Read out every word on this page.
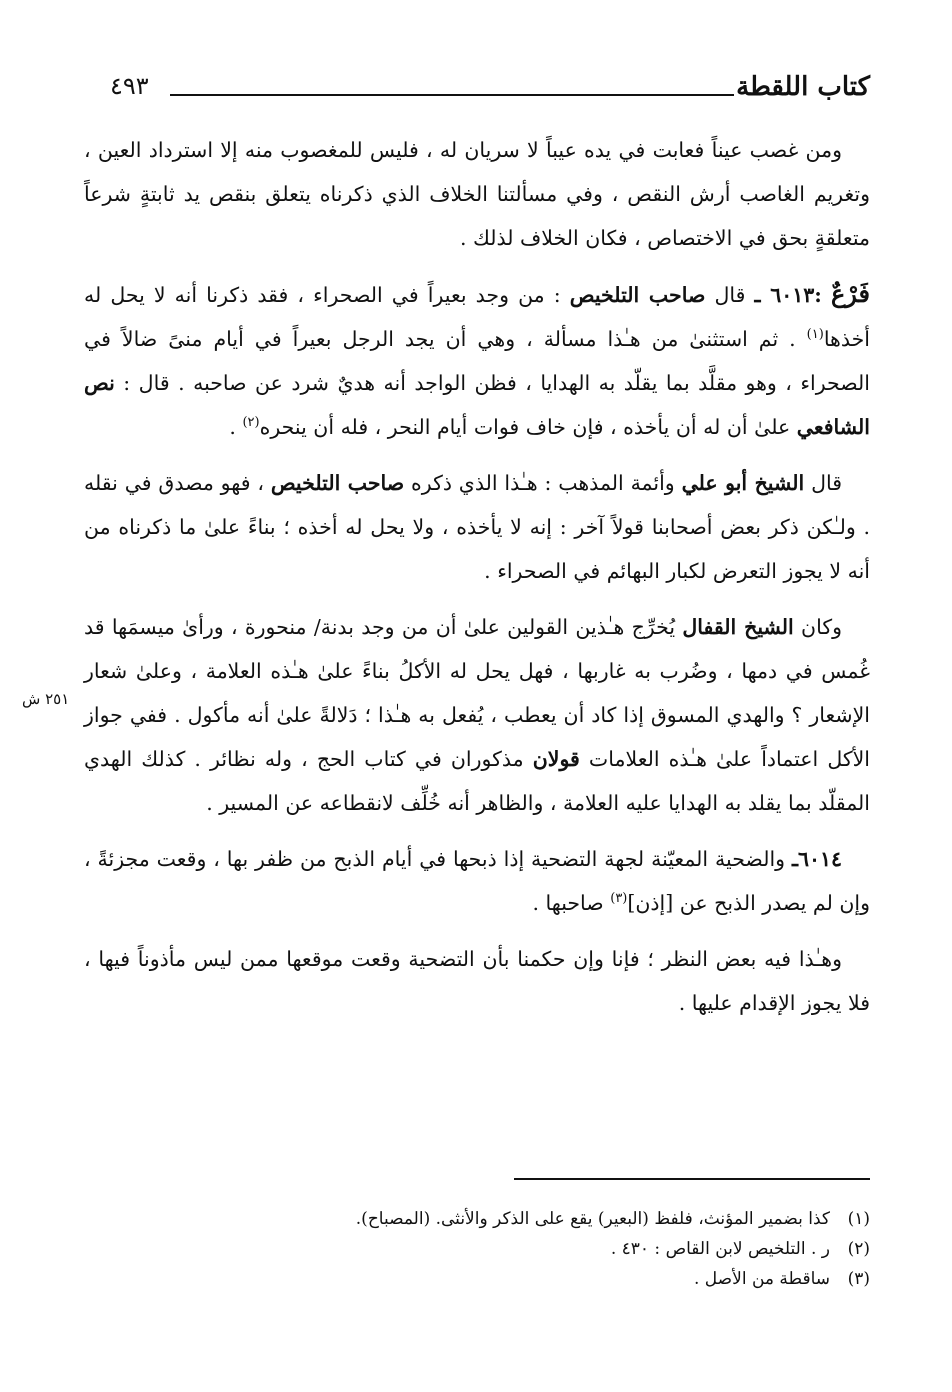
كتاب اللقطة
٤٩٣
٢٥١ ش

ومن غصب عيناً فعابت في يده عيباً لا سريان له ، فليس للمغصوب منه إلا استرداد العين ، وتغريم الغاصب أرش النقص ، وفي مسألتنا الخلاف الذي ذكرناه يتعلق بنقص يد ثابتةٍ شرعاً متعلقةٍ بحق في الاختصاص ، فكان الخلاف لذلك .

فَرْعٌ :٦٠١٣ ـ قال صاحب التلخيص : من وجد بعيراً في الصحراء ، فقد ذكرنا أنه لا يحل له أخذها$^{(١)}$ . ثم استثنىٰ من هـٰذا مسألة ، وهي أن يجد الرجل بعيراً في أيام منىً ضالاً في الصحراء ، وهو مقلَّد بما يقلّد به الهدايا ، فظن الواجد أنه هديٌ شرد عن صاحبه . قال : نص الشافعي علىٰ أن له أن يأخذه ، فإن خاف فوات أيام النحر ، فله أن ينحره$^{(٢)}$ .

قال الشيخ أبو علي وأئمة المذهب : هـٰذا الذي ذكره صاحب التلخيص ، فهو مصدق في نقله . ولـٰكن ذكر بعض أصحابنا قولاً آخر : إنه لا يأخذه ، ولا يحل له أخذه ؛ بناءً علىٰ ما ذكرناه من أنه لا يجوز التعرض لكبار البهائم في الصحراء .

وكان الشيخ القفال يُخرِّج هـٰذين القولين علىٰ أن من وجد بدنة/ منحورة ، ورأىٰ ميسمَها قد غُمس في دمها ، وضُرب به غاربها ، فهل يحل له الأكلُ بناءً علىٰ هـٰذه العلامة ، وعلىٰ شعار الإشعار ؟ والهدي المسوق إذا كاد أن يعطب ، يُفعل به هـٰذا ؛ دَلالةً علىٰ أنه مأكول . ففي جواز الأكل اعتماداً علىٰ هـٰذه العلامات قولان مذكوران في كتاب الحج ، وله نظائر . كذلك الهدي المقلّد بما يقلد به الهدايا عليه العلامة ، والظاهر أنه خُلِّف لانقطاعه عن المسير .

٦٠١٤ـ والضحية المعيّنة لجهة التضحية إذا ذبحها في أيام الذبح من ظفر بها ، وقعت مجزئةً ، وإن لم يصدر الذبح عن [إذن]$^{(٣)}$ صاحبها .

وهـٰذا فيه بعض النظر ؛ فإنا وإن حكمنا بأن التضحية وقعت موقعها ممن ليس مأذوناً فيها ، فلا يجوز الإقدام عليها .

(١)كذا بضمير المؤنث، فلفظ (البعير) يقع على الذكر والأنثى. (المصباح).

(٢)ر . التلخيص لابن القاص : ٤٣٠ .

(٣)ساقطة من الأصل .
